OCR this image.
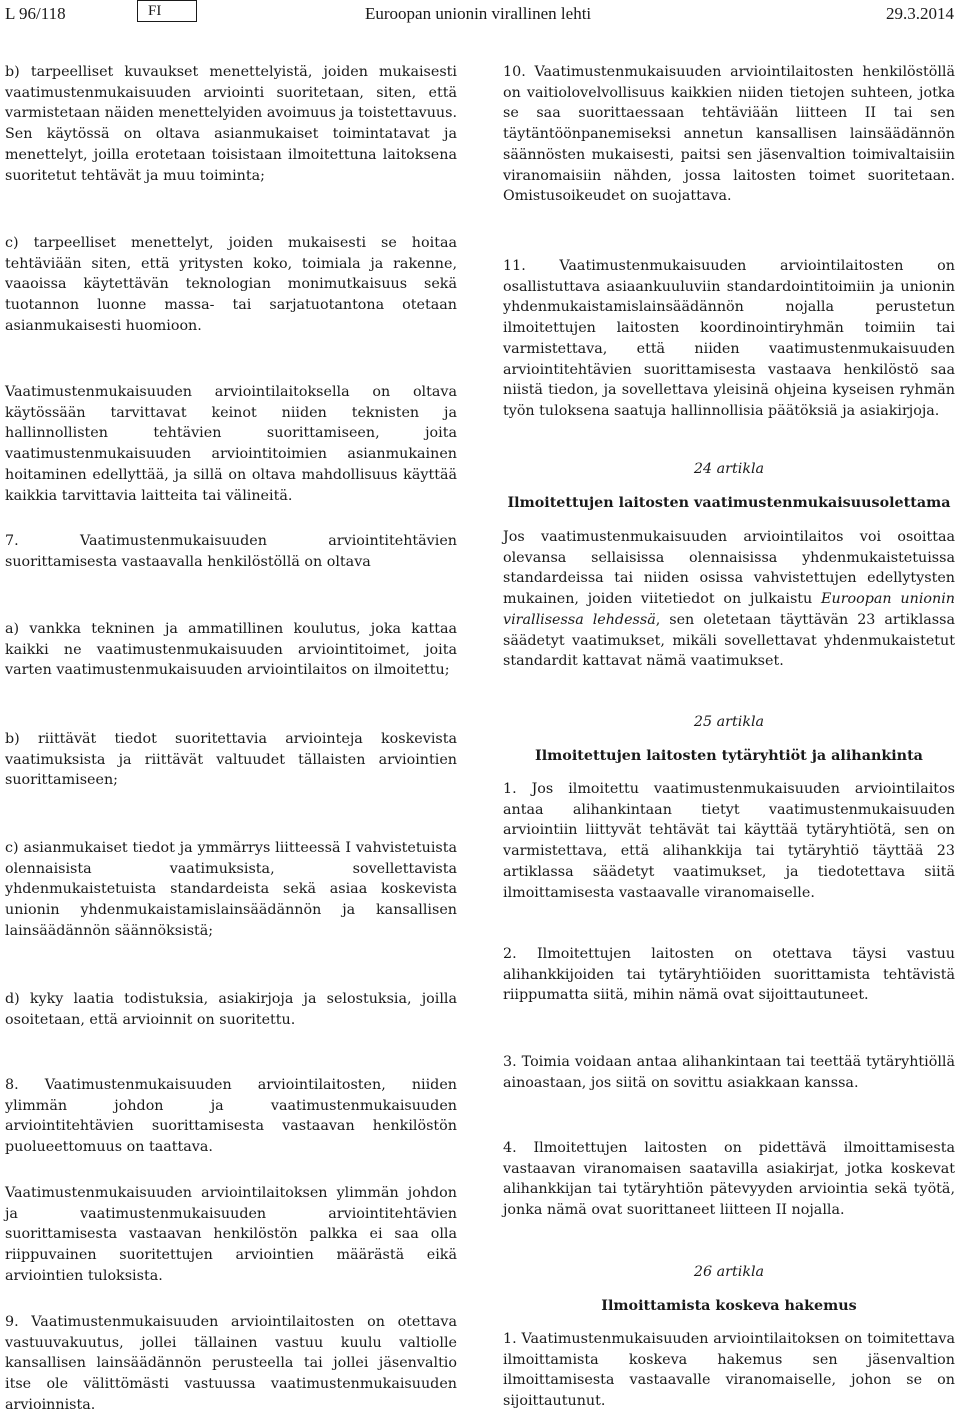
L 96/118	FI	Euroopan unionin virallinen lehti	29.3.2014

b) tarpeelliset kuvaukset menettelyistä, joiden mukaisesti vaatimustenmukaisuuden arviointi suoritetaan, siten, että varmistetaan näiden menettelyiden avoimuus ja toistettavuus. Sen käytössä on oltava asianmukaiset toimintatavat ja menettelyt, joilla erotetaan toisistaan ilmoitettuna laitoksena suoritetut tehtävät ja muu toiminta;

c) tarpeelliset menettelyt, joiden mukaisesti se hoitaa tehtäviään siten, että yritysten koko, toimiala ja rakenne, vaaoissa käytettävän teknologian monimutkaisuus sekä tuotannon luonne massa- tai sarjatuotantona otetaan asianmukaisesti huomioon.

Vaatimustenmukaisuuden arviointilaitoksella on oltava käytössään tarvittavat keinot niiden teknisten ja hallinnollisten tehtävien suorittamiseen, joita vaatimustenmukaisuuden arviointitoimien asianmukainen hoitaminen edellyttää, ja sillä on oltava mahdollisuus käyttää kaikkia tarvittavia laitteita tai välineitä.

7. Vaatimustenmukaisuuden arviointitehtävien suorittamisesta vastaavalla henkilöstöllä on oltava

a) vankka tekninen ja ammatillinen koulutus, joka kattaa kaikki ne vaatimustenmukaisuuden arviointitoimet, joita varten vaatimustenmukaisuuden arviointilaitos on ilmoitettu;

b) riittävät tiedot suoritettavia arviointeja koskevista vaatimuksista ja riittävät valtuudet tällaisten arviointien suorittamiseen;

c) asianmukaiset tiedot ja ymmärrys liitteessä I vahvistetuista olennaisista vaatimuksista, sovellettavista yhdenmukaistetuista standardeista sekä asiaa koskevista unionin yhdenmukaistamislainsäädännön ja kansallisen lainsäädännön säännöksistä;

d) kyky laatia todistuksia, asiakirjoja ja selostuksia, joilla osoitetaan, että arvioinnit on suoritettu.

8. Vaatimustenmukaisuuden arviointilaitosten, niiden ylimmän johdon ja vaatimustenmukaisuuden arviointitehtävien suorittamisesta vastaavan henkilöstön puolueettomuus on taattava.

Vaatimustenmukaisuuden arviointilaitoksen ylimmän johdon ja vaatimustenmukaisuuden arviointitehtävien suorittamisesta vastaavan henkilöstön palkka ei saa olla riippuvainen suoritettujen arviointien määrästä eikä arviointien tuloksista.

9. Vaatimustenmukaisuuden arviointilaitosten on otettava vastuuvakuutus, jollei tällainen vastuu kuulu valtiolle kansallisen lainsäädännön perusteella tai jollei jäsenvaltio itse ole välittömästi vastuussa vaatimustenmukaisuuden arvioinnista.

10. Vaatimustenmukaisuuden arviointilaitosten henkilöstöllä on vaitiolovelvollisuus kaikkien niiden tietojen suhteen, jotka se saa suorittaessaan tehtäviään liitteen II tai sen täytäntöönpanemiseksi annetun kansallisen lainsäädännön säännösten mukaisesti, paitsi sen jäsenvaltion toimivaltaisiin viranomaisiin nähden, jossa laitosten toimet suoritetaan. Omistusoikeudet on suojattava.

11. Vaatimustenmukaisuuden arviointilaitosten on osallistuttava asiaankuuluviin standardointitoimiin ja unionin yhdenmukaistamislainsäädännön nojalla perustetun ilmoitettujen laitosten koordinointiryhmän toimiin tai varmistettava, että niiden vaatimustenmukaisuuden arviointitehtävien suorittamisesta vastaava henkilöstö saa niistä tiedon, ja sovellettava yleisinä ohjeina kyseisen ryhmän työn tuloksena saatuja hallinnollisia päätöksiä ja asiakirjoja.

24 artikla

Ilmoitettujen laitosten vaatimustenmukaisuusolettama

Jos vaatimustenmukaisuuden arviointilaitos voi osoittaa olevansa sellaisissa olennaisissa yhdenmukaistetuissa standardeissa tai niiden osissa vahvistettujen edellytysten mukainen, joiden viitetiedot on julkaistu Euroopan unionin virallisessa lehdessä, sen oletetaan täyttävän 23 artiklassa säädetyt vaatimukset, mikäli sovellettavat yhdenmukaistetut standardit kattavat nämä vaatimukset.

25 artikla

Ilmoitettujen laitosten tytäryhtiöt ja alihankinta

1. Jos ilmoitettu vaatimustenmukaisuuden arviointilaitos antaa alihankintaan tietyt vaatimustenmukaisuuden arviointiin liittyvät tehtävät tai käyttää tytäryhtiötä, sen on varmistettava, että alihankkija tai tytäryhtiö täyttää 23 artiklassa säädetyt vaatimukset, ja tiedotettava siitä ilmoittamisesta vastaavalle viranomaiselle.

2. Ilmoitettujen laitosten on otettava täysi vastuu alihankkijoiden tai tytäryhtiöiden suorittamista tehtävistä riippumatta siitä, mihin nämä ovat sijoittautuneet.

3. Toimia voidaan antaa alihankintaan tai teettää tytäryhtiöllä ainoastaan, jos siitä on sovittu asiakkaan kanssa.

4. Ilmoitettujen laitosten on pidettävä ilmoittamisesta vastaavan viranomaisen saatavilla asiakirjat, jotka koskevat alihankkijan tai tytäryhtiön pätevyyden arviointia sekä työtä, jonka nämä ovat suorittaneet liitteen II nojalla.

26 artikla

Ilmoittamista koskeva hakemus

1. Vaatimustenmukaisuuden arviointilaitoksen on toimitettava ilmoittamista koskeva hakemus sen jäsenvaltion ilmoittamisesta vastaavalle viranomaiselle, johon se on sijoittautunut.
